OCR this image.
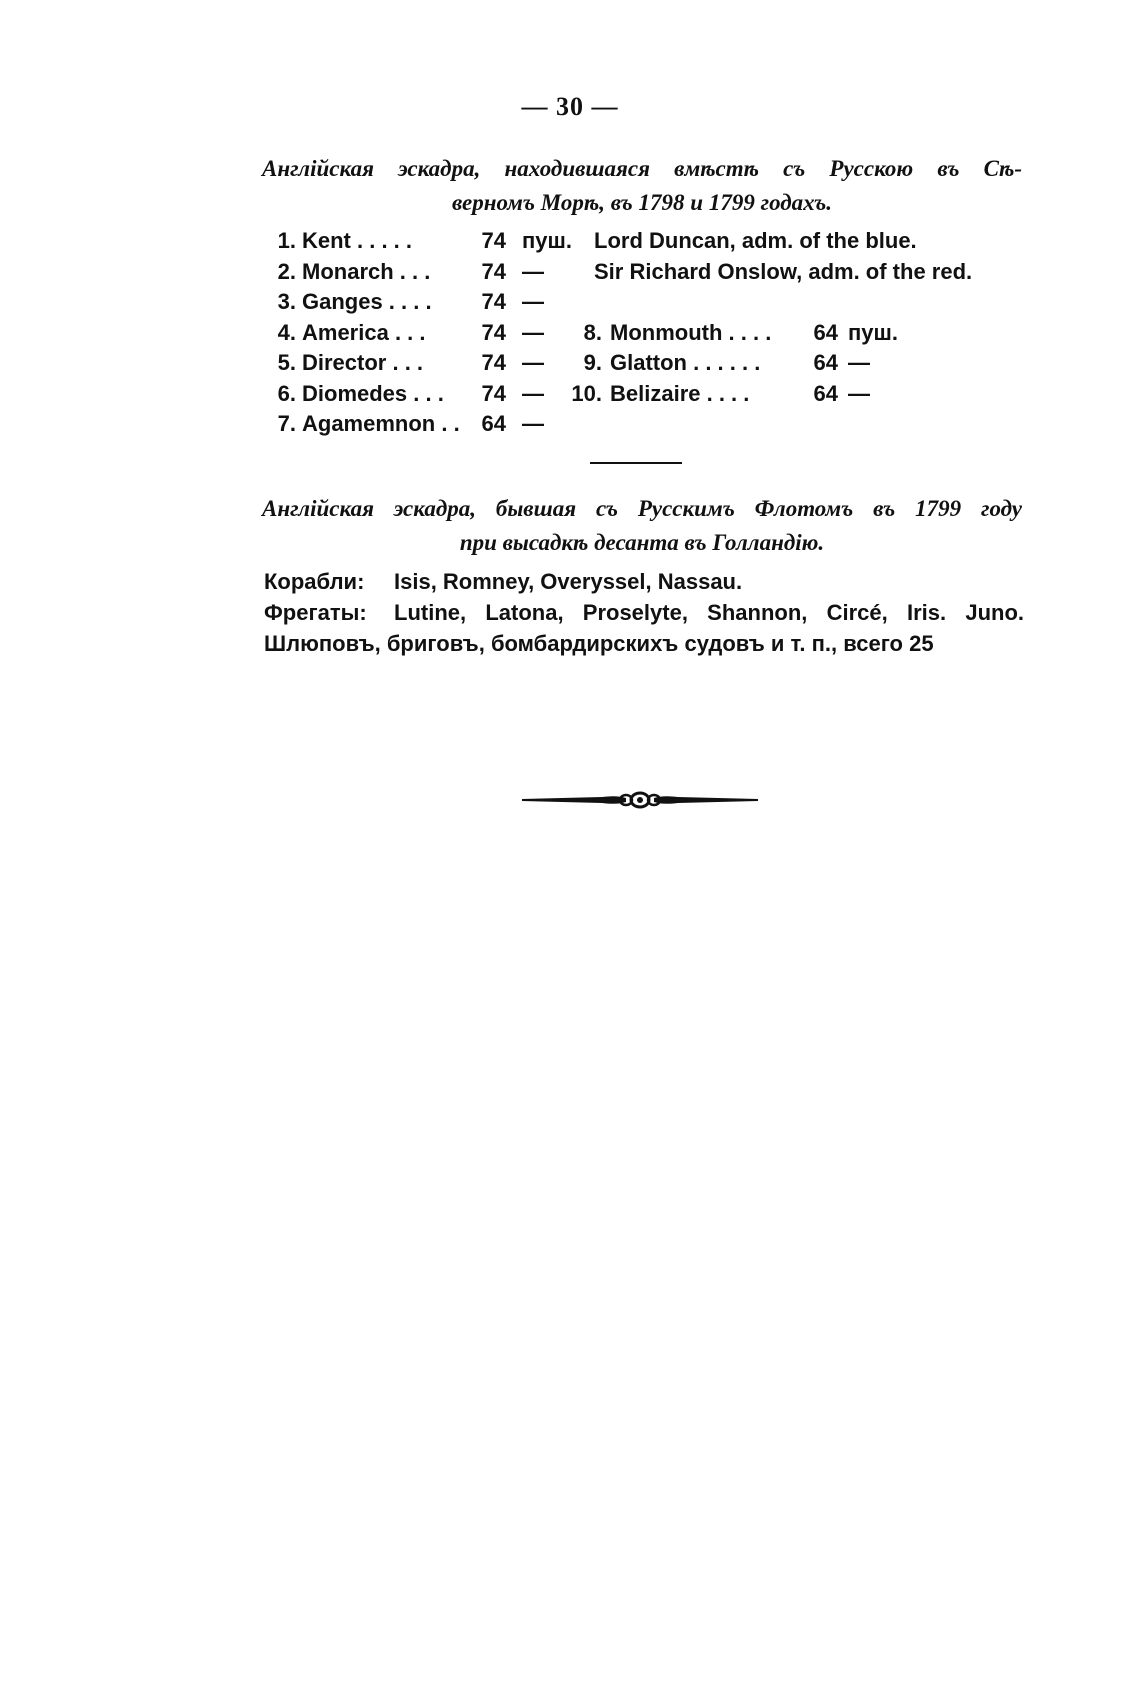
— 30 —
Англійская эскадра, находившаяся вмѣстѣ съ Русскою въ Сѣ-
верномъ Морѣ, въ 1798 и 1799 годахъ.
1. Kent . . . . .	74 пуш. Lord Duncan, adm. of the blue.
2. Monarch . . .	74 — Sir Richard Onslow, adm. of the red.
3. Ganges . . . .	74 —
4. America . . .	74 —	8. Monmouth . . . .	64 пуш.
5. Director . . .	74 —	9. Glatton . . . . . .	64 —
6. Diomedes . . .	74 —	10. Belizaire . . . .	64 —
7. Agamemnon . . 64 —
Англійская эскадра, бывшая съ Русскимъ Флотомъ въ 1799 году
при высадкѣ десанта въ Голландію.
Корабли:	Isis, Romney, Overyssel, Nassau.
Фрегаты:	Lutine, Latona, Proselyte, Shannon, Circé, Iris. Juno.
Шлюповъ, бриговъ, бомбардирскихъ судовъ и т. п., всего 25
